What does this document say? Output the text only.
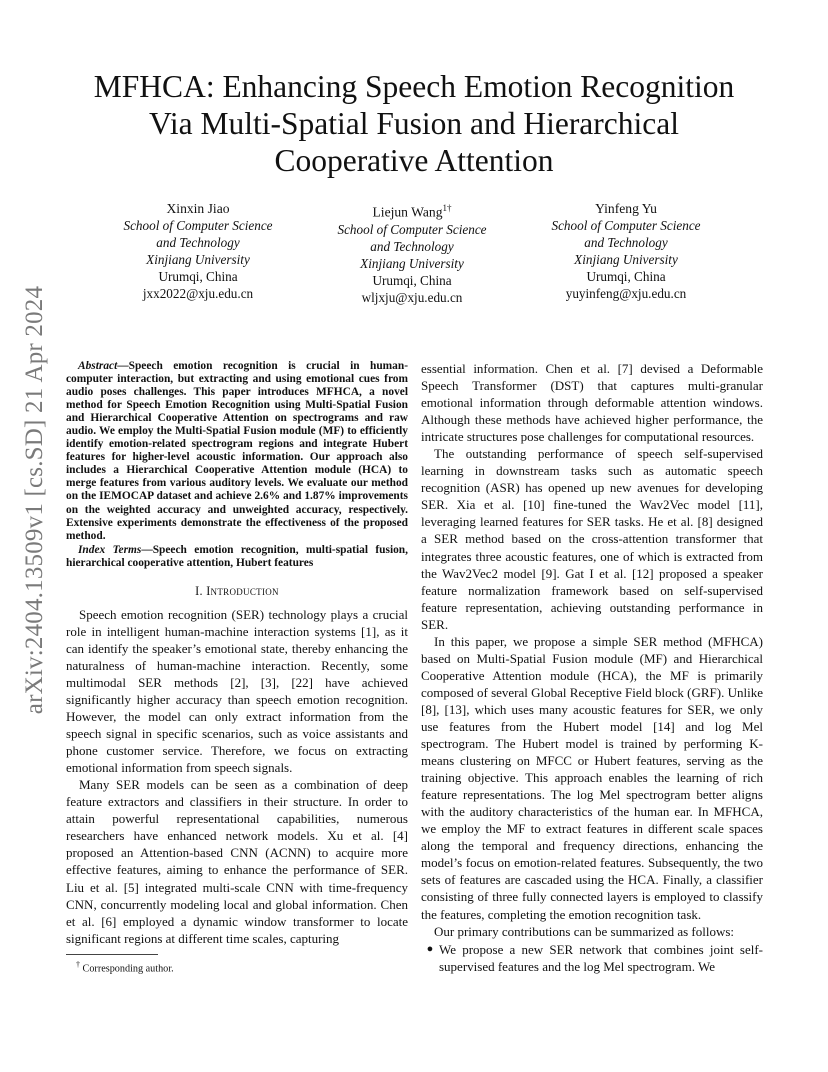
arXiv:2404.13509v1 [cs.SD] 21 Apr 2024
MFHCA: Enhancing Speech Emotion Recognition
Via Multi-Spatial Fusion and Hierarchical
Cooperative Attention
Xinxin Jiao
School of Computer Science
and Technology
Xinjiang University
Urumqi, China
jxx2022@xju.edu.cn
Liejun Wang$^{1\dagger}$
School of Computer Science
and Technology
Xinjiang University
Urumqi, China
wljxju@xju.edu.cn
Yinfeng Yu
School of Computer Science
and Technology
Xinjiang University
Urumqi, China
yuyinfeng@xju.edu.cn
Abstract—Speech emotion recognition is crucial in human-computer interaction, but extracting and using emotional cues from audio poses challenges. This paper introduces MFHCA, a novel method for Speech Emotion Recognition using Multi-Spatial Fusion and Hierarchical Cooperative Attention on spectrograms and raw audio. We employ the Multi-Spatial Fusion module (MF) to efficiently identify emotion-related spectrogram regions and integrate Hubert features for higher-level acoustic information. Our approach also includes a Hierarchical Cooperative Attention module (HCA) to merge features from various auditory levels. We evaluate our method on the IEMOCAP dataset and achieve 2.6% and 1.87% improvements on the weighted accuracy and unweighted accuracy, respectively. Extensive experiments demonstrate the effectiveness of the proposed method.
Index Terms—Speech emotion recognition, multi-spatial fusion, hierarchical cooperative attention, Hubert features
I. Introduction

Speech emotion recognition (SER) technology plays a crucial role in intelligent human-machine interaction systems [1], as it can identify the speaker’s emotional state, thereby enhancing the naturalness of human-machine interaction. Recently, some multimodal SER methods [2], [3], [22] have achieved significantly higher accuracy than speech emotion recognition. However, the model can only extract information from the speech signal in specific scenarios, such as voice assistants and phone customer service. Therefore, we focus on extracting emotional information from speech signals.

Many SER models can be seen as a combination of deep feature extractors and classifiers in their structure. In order to attain powerful representational capabilities, numerous researchers have enhanced network models. Xu et al. [4] proposed an Attention-based CNN (ACNN) to acquire more effective features, aiming to enhance the performance of SER. Liu et al. [5] integrated multi-scale CNN with time-frequency CNN, concurrently modeling local and global information. Chen et al. [6] employed a dynamic window transformer to locate significant regions at different time scales, capturing

essential information. Chen et al. [7] devised a Deformable Speech Transformer (DST) that captures multi-granular emotional information through deformable attention windows. Although these methods have achieved higher performance, the intricate structures pose challenges for computational resources.

The outstanding performance of speech self-supervised learning in downstream tasks such as automatic speech recognition (ASR) has opened up new avenues for developing SER. Xia et al. [10] fine-tuned the Wav2Vec model [11], leveraging learned features for SER tasks. He et al. [8] designed a SER method based on the cross-attention transformer that integrates three acoustic features, one of which is extracted from the Wav2Vec2 model [9]. Gat I et al. [12] proposed a speaker feature normalization framework based on self-supervised feature representation, achieving outstanding performance in SER.

In this paper, we propose a simple SER method (MFHCA) based on Multi-Spatial Fusion module (MF) and Hierarchical Cooperative Attention module (HCA), the MF is primarily composed of several Global Receptive Field block (GRF). Unlike [8], [13], which uses many acoustic features for SER, we only use features from the Hubert model [14] and log Mel spectrogram. The Hubert model is trained by performing K-means clustering on MFCC or Hubert features, serving as the training objective. This approach enables the learning of rich feature representations. The log Mel spectrogram better aligns with the auditory characteristics of the human ear. In MFHCA, we employ the MF to extract features in different scale spaces along the temporal and frequency directions, enhancing the model’s focus on emotion-related features. Subsequently, the two sets of features are cascaded using the HCA. Finally, a classifier consisting of three fully connected layers is employed to classify the features, completing the emotion recognition task.

Our primary contributions can be summarized as follows:

● We propose a new SER network that combines joint self-supervised features and the log Mel spectrogram. We
† Corresponding author.
